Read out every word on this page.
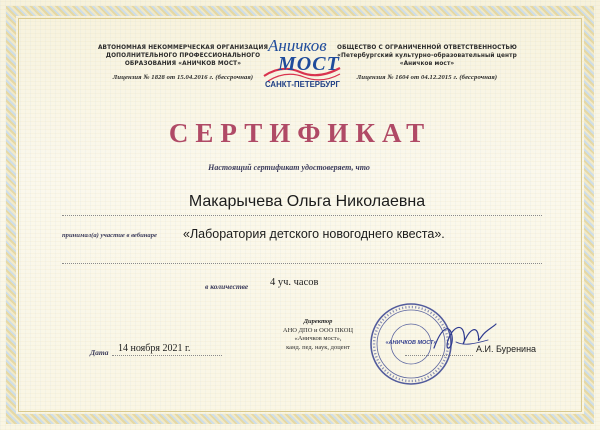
АВТОНОМНАЯ НЕКОММЕРЧЕСКАЯ ОРГАНИЗАЦИЯ ДОПОЛНИТЕЛЬНОГО ПРОФЕССИОНАЛЬНОГО ОБРАЗОВАНИЯ «АНИЧКОВ МОСТ»
Лицензия № 1828 от 15.04.2016 г. (бессрочная)
Аничков
МОСТ
САНКТ-ПЕТЕРБУРГ
ОБЩЕСТВО С ОГРАНИЧЕННОЙ ОТВЕТСТВЕННОСТЬЮ «Петербургский культурно-образовательный центр «Аничков мост»
Лицензия № 1604 от 04.12.2015 г. (бессрочная)
СЕРТИФИКАТ
Настоящий сертификат удостоверяет, что
Макарычева Ольга Николаевна
принимал(а) участие в вебинаре «Лаборатория детского новогоднего квеста».
в количестве 4 уч. часов
Директор
АНО ДПО и ООО ПКОЦ
«Аничков мост»,
канд. пед. наук, доцент
Дата 14 ноября 2021 г.	«АНИЧКОВ МОСТ»
А.И. Буренина
